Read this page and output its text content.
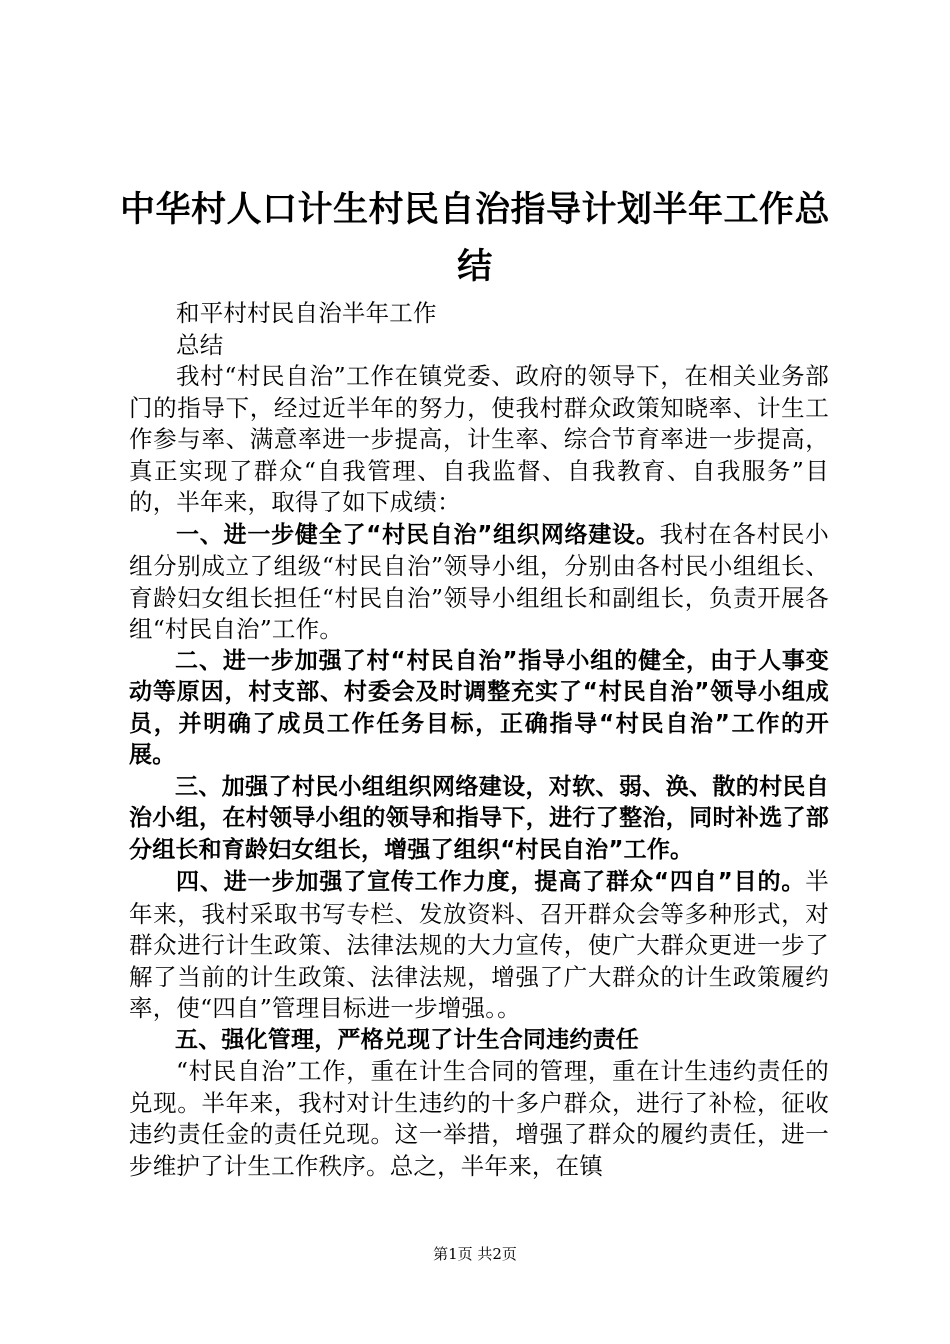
中华村人口计生村民自治指导计划半年工作总结

和平村村民自治半年工作

总结

我村“村民自治”工作在镇党委、政府的领导下，在相关业务部门的指导下，经过近半年的努力，使我村群众政策知晓率、计生工作参与率、满意率进一步提高，计生率、综合节育率进一步提高，真正实现了群众“自我管理、自我监督、自我教育、自我服务”目的，半年来，取得了如下成绩：

一、进一步健全了“村民自治”组织网络建设。我村在各村民小组分别成立了组级“村民自治”领导小组，分别由各村民小组组长、育龄妇女组长担任“村民自治”领导小组组长和副组长，负责开展各组“村民自治”工作。

二、进一步加强了村“村民自治”指导小组的健全，由于人事变动等原因，村支部、村委会及时调整充实了“村民自治”领导小组成员，并明确了成员工作任务目标，正确指导“村民自治”工作的开展。

三、加强了村民小组组织网络建设，对软、弱、涣、散的村民自治小组，在村领导小组的领导和指导下，进行了整治，同时补选了部分组长和育龄妇女组长，增强了组织“村民自治”工作。

四、进一步加强了宣传工作力度，提高了群众“四自”目的。半年来，我村采取书写专栏、发放资料、召开群众会等多种形式，对群众进行计生政策、法律法规的大力宣传，使广大群众更进一步了解了当前的计生政策、法律法规，增强了广大群众的计生政策履约率，使“四自”管理目标进一步增强。。

五、强化管理，严格兑现了计生合同违约责任

“村民自治”工作，重在计生合同的管理，重在计生违约责任的兑现。半年来，我村对计生违约的十多户群众，进行了补检，征收违约责任金的责任兑现。这一举措，增强了群众的履约责任，进一步维护了计生工作秩序。总之，半年来，在镇

第1页 共2页
